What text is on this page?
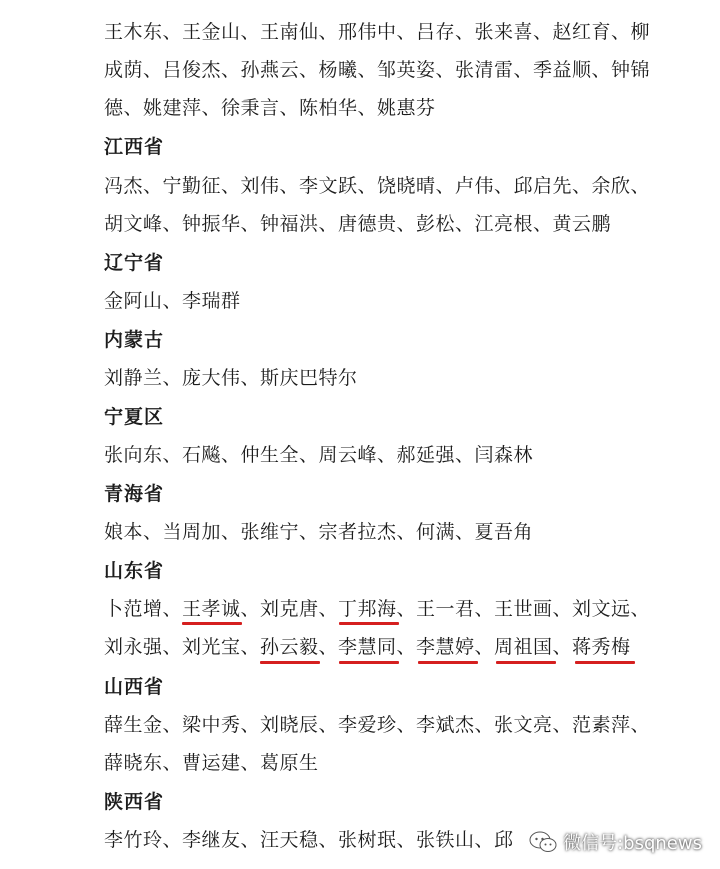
王木东、王金山、王南仙、邢伟中、吕存、张来喜、赵红育、柳
成荫、吕俊杰、孙燕云、杨曦、邹英姿、张清雷、季益顺、钟锦
德、姚建萍、徐秉言、陈柏华、姚惠芬
江西省
冯杰、宁勤征、刘伟、李文跃、饶晓晴、卢伟、邱启先、余欣、
胡文峰、钟振华、钟福洪、唐德贵、彭松、江亮根、黄云鹏
辽宁省
金阿山、李瑞群
内蒙古
刘静兰、庞大伟、斯庆巴特尔
宁夏区
张向东、石飚、仲生全、周云峰、郝延强、闫森林
青海省
娘本、当周加、张维宁、宗者拉杰、何满、夏吾角
山东省
卜范增、王孝诚、刘克唐、丁邦海、王一君、王世画、刘文远、
刘永强、刘光宝、孙云毅、李慧同、李慧婷、周祖国、蒋秀梅
山西省
薛生金、梁中秀、刘晓辰、李爱珍、李斌杰、张文亮、范素萍、
薛晓东、曹运建、葛原生
陕西省
李竹玲、李继友、汪天稳、张树珉、张铁山、邱	微信号:bsqnews
